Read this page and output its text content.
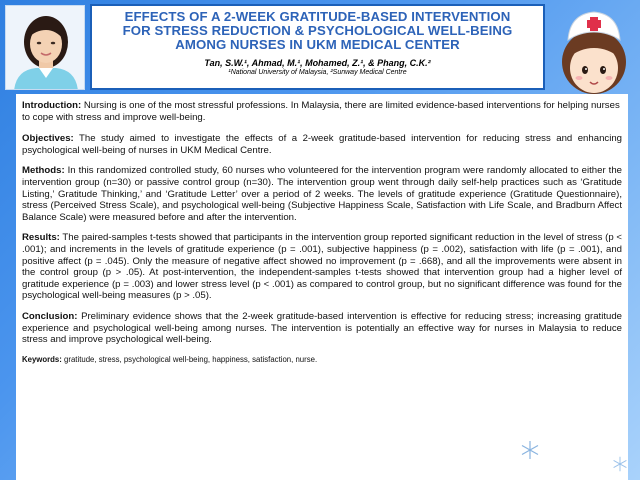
EFFECTS OF A 2-WEEK GRATITUDE-BASED INTERVENTION
FOR STRESS REDUCTION & PSYCHOLOGICAL WELL-BEING
AMONG NURSES IN UKM MEDICAL CENTER
Tan, S.W.¹, Ahmad, M.¹, Mohamed, Z.¹, & Phang, C.K.²
¹National University of Malaysia, ²Sunway Medical Centre

Introduction: Nursing is one of the most stressful professions. In Malaysia, there are limited evidence-based interventions for helping nurses to cope with stress and improve well-being.

Objectives: The study aimed to investigate the effects of a 2-week gratitude-based intervention for reducing stress and enhancing psychological well-being of nurses in UKM Medical Centre.

Methods: In this randomized controlled study, 60 nurses who volunteered for the intervention program were randomly allocated to either the intervention group (n=30) or passive control group (n=30). The intervention group went through daily self-help practices such as ‘Gratitude Listing,’ Gratitude Thinking,’ and ‘Gratitude Letter’ over a period of 2 weeks. The levels of gratitude experience (Gratitude Questionnaire), stress (Perceived Stress Scale), and psychological well-being (Subjective Happiness Scale, Satisfaction with Life Scale, and Bradburn Affect Balance Scale) were measured before and after the intervention.

Results: The paired-samples t-tests showed that participants in the intervention group reported significant reduction in the level of stress (p < .001); and increments in the levels of gratitude experience (p = .001), subjective happiness (p = .002), satisfaction with life (p = .001), and positive affect (p = .045). Only the measure of negative affect showed no improvement (p = .668), and all the improvements were absent in the control group (p > .05). At post-intervention, the independent-samples t-tests showed that intervention group had a higher level of gratitude experience (p = .003) and lower stress level (p < .001) as compared to control group, but no significant difference was found for the psychological well-being measures (p > .05).

Conclusion: Preliminary evidence shows that the 2-week gratitude-based intervention is effective for reducing stress; increasing gratitude experience and psychological well-being among nurses. The intervention is potentially an effective way for nurses in Malaysia to reduce stress and improve psychological well-being.

Keywords: gratitude, stress, psychological well-being, happiness, satisfaction, nurse.
